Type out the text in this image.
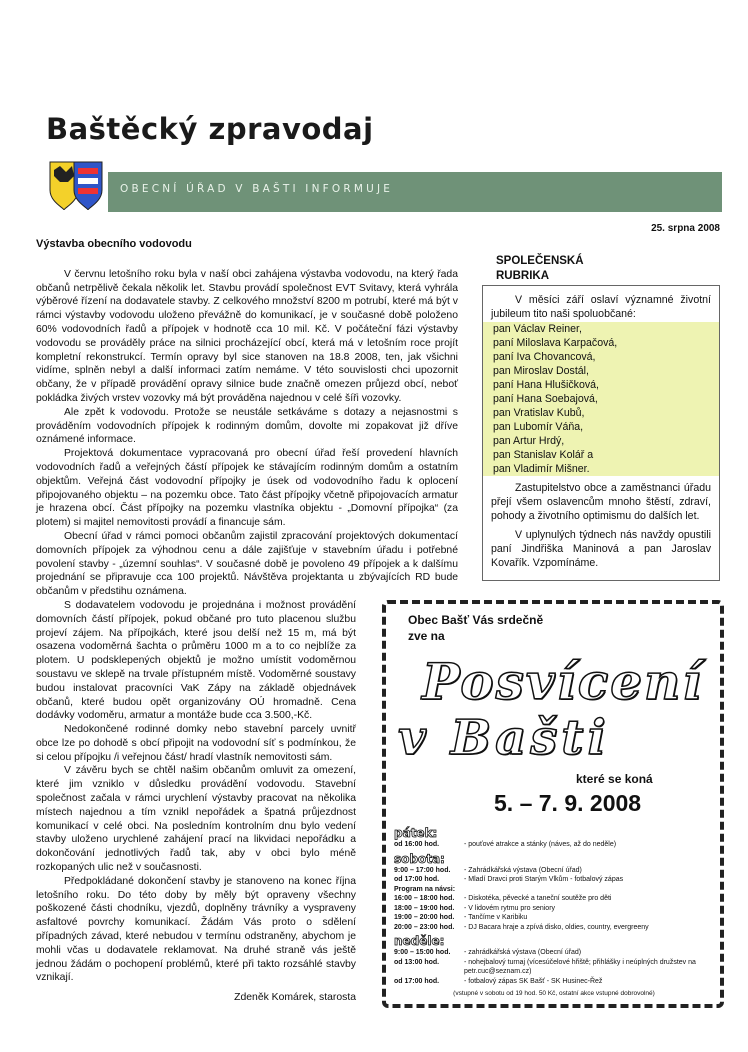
Baštěcký zpravodaj
OBECNÍ ÚŘAD V BAŠTI INFORMUJE
25. srpna 2008
Výstavba obecního vodovodu

V červnu letošního roku byla v naší obci zahájena výstavba vodovodu, na který řada občanů netrpělivě čekala několik let. Stavbu provádí společnost EVT Svitavy, která vyhrála výběrové řízení na dodavatele stavby. Z celkového množství 8200 m potrubí, které má být v rámci výstavby vodovodu uloženo převážně do komunikací, je v současné době položeno 60% vodovodních řadů a přípojek v hodnotě cca 10 mil. Kč. V počáteční fázi výstavby vodovodu se prováděly práce na silnici procházející obcí, která má v letošním roce projít kompletní rekonstrukcí. Termín opravy byl sice stanoven na 18.8 2008, ten, jak všichni vidíme, splněn nebyl a další informaci zatím nemáme. V této souvislosti chci upozornit občany, že v případě provádění opravy silnice bude značně omezen průjezd obcí, neboť pokládka živých vrstev vozovky má být prováděna najednou v celé šíři vozovky.

Ale zpět k vodovodu. Protože se neustále setkáváme s dotazy a nejasnostmi s prováděním vodovodních přípojek k rodinným domům, dovolte mi zopakovat již dříve oznámené informace.

Projektová dokumentace vypracovaná pro obecní úřad řeší provedení hlavních vodovodních řadů a veřejných částí přípojek ke stávajícím rodinným domům a ostatním objektům. Veřejná část vodovodní přípojky je úsek od vodovodního řadu k oplocení připojovaného objektu – na pozemku obce. Tato část přípojky včetně připojovacích armatur je hrazena obcí. Část přípojky na pozemku vlastníka objektu - „Domovní přípojka“ (za plotem) si majitel nemovitosti provádí a financuje sám.

Obecní úřad v rámci pomoci občanům zajistil zpracování projektových dokumentací domovních přípojek za výhodnou cenu a dále zajišťuje v stavebním úřadu i potřebné povolení stavby - „územní souhlas“. V současné době je povoleno 49 přípojek a k dalšímu projednání se připravuje cca 100 projektů. Návštěva projektanta u zbývajících RD bude občanům v předstihu oznámena.

S dodavatelem vodovodu je projednána i možnost provádění domovních částí přípojek, pokud občané pro tuto placenou službu projeví zájem. Na přípojkách, které jsou delší než 15 m, má být osazena vodoměrná šachta o průměru 1000 m a to co nejblíže za plotem. U podsklepených objektů je možno umístit vodoměrnou soustavu ve sklepě na trvale přístupném místě. Vodoměrné soustavy budou instalovat pracovníci VaK Zápy na základě objednávek občanů, které budou opět organizovány OÚ hromadně. Cena dodávky vodoměru, armatur a montáže bude cca 3.500,-Kč.

Nedokončené rodinné domky nebo stavební parcely uvnitř obce lze po dohodě s obcí připojit na vodovodní síť s podmínkou, že si celou přípojku /i veřejnou část/ hradí vlastník nemovitosti sám.

V závěru bych se chtěl našim občanům omluvit za omezení, které jim vzniklo v důsledku provádění vodovodu. Stavební společnost začala v rámci urychlení výstavby pracovat na několika místech najednou a tím vznikl nepořádek a špatná průjezdnost komunikací v celé obci. Na posledním kontrolním dnu bylo vedení stavby uloženo urychlené zahájení prací na likvidaci nepořádku a dokončování jednotlivých řadů tak, aby v obci bylo méně rozkopaných ulic než v současnosti.

Předpokládané dokončení stavby je stanoveno na konec října letošního roku. Do této doby by měly být opraveny všechny poškozené části chodníku, vjezdů, doplněny trávníky a vyspraveny asfaltové povrchy komunikací. Žádám Vás proto o sdělení případných závad, které nebudou v termínu odstraněny, abychom je mohli včas u dodavatele reklamovat. Na druhé straně vás ještě jednou žádám o pochopení problémů, které při takto rozsáhlé stavby vznikají.

Zdeněk Komárek, starosta
SPOLEČENSKÁ
RUBRIKA

V měsíci září oslaví významné životní jubileum tito naši spoluobčané:

pan Václav Reiner,
paní Miloslava Karpačová,
paní Iva Chovancová,
pan Miroslav Dostál,
paní Hana Hlušičková,
paní Hana Soebajová,
pan Vratislav Kubů,
pan Lubomír Váňa,
pan Artur Hrdý,
pan Stanislav Kolář a
pan Vladimír Mišner.

Zastupitelstvo obce a zaměstnanci úřadu přejí všem oslavencům mnoho štěstí, zdraví, pohody a životního optimismu do dalších let.

V uplynulých týdnech nás navždy opustili paní Jindřiška Maninová a pan Jaroslav Kovařík. Vzpomínáme.

Obec Bašť Vás srdečně
zve na
Posvícení
v Bašti
které se koná
5. – 7. 9. 2008
pátek:
od 16:00 hod.	- pouťové atrakce a stánky (náves, až do neděle)
sobota:
9:00 – 17:00 hod.	- Zahrádkářská výstava (Obecní úřad)
od 17:00 hod.	- Mladí Dravci proti Starým Vlkům - fotbalový zápas
Program na návsi:
16:00 – 18:00 hod.	- Diskotéka, pěvecké a taneční soutěže pro děti
18:00 – 19:00 hod.	- V lidovém rytmu pro seniory
19:00 – 20:00 hod.	- Tančíme v Karibiku
20:00 – 23:00 hod.	- DJ Bacara hraje a zpívá disko, oldies, country, evergreeny
neděle:
9:00 – 15:00 hod.	- zahrádkářská výstava (Obecní úřad)
od 13:00 hod.	- nohejbalový turnaj (vícesúčelové hřiště; přihlášky i neúplných družstev na petr.cuc@seznam.cz)
od 17:00 hod.	- fotbalový zápas SK Bašť - SK Husinec-Řež
(vstupné v sobotu od 19 hod. 50 Kč, ostatní akce vstupné dobrovolné)
